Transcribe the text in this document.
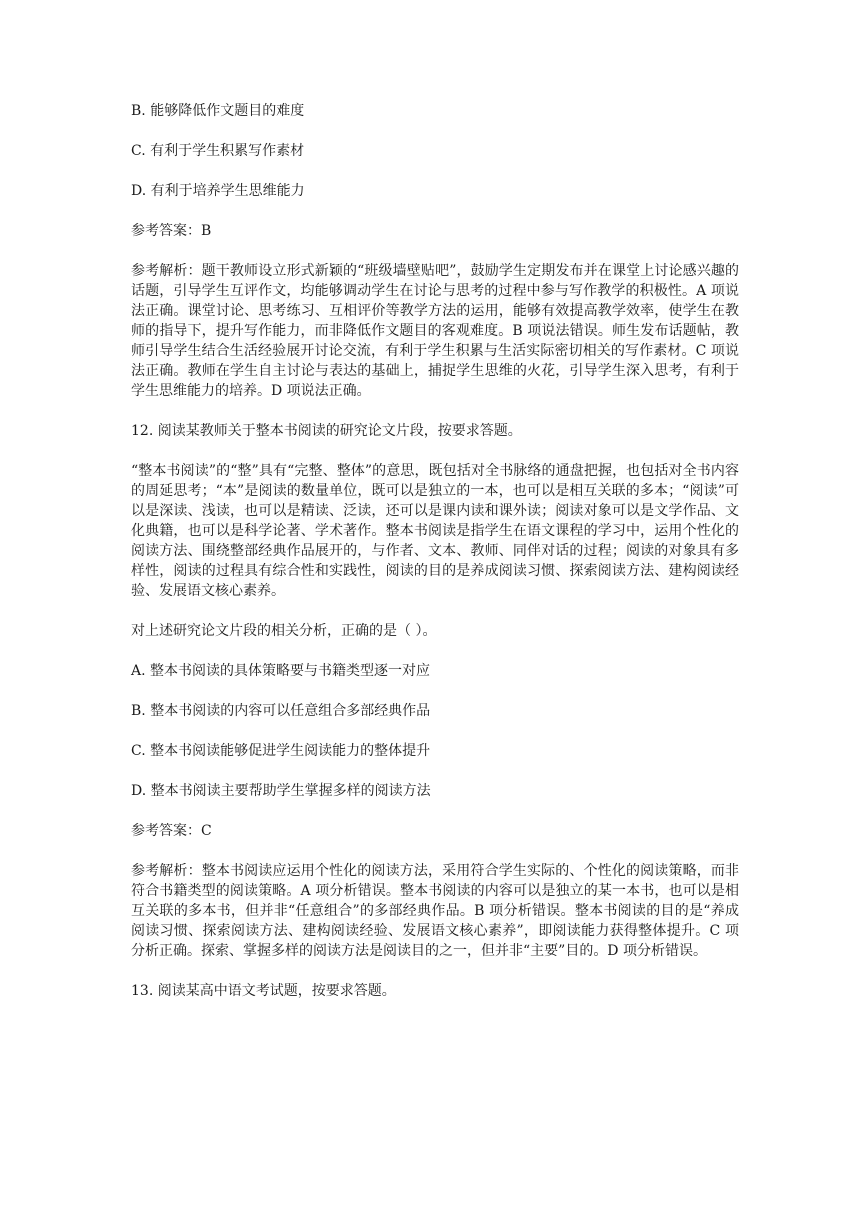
B. 能够降低作文题目的难度

C. 有利于学生积累写作素材

D. 有利于培养学生思维能力

参考答案：B

参考解析：题干教师设立形式新颖的“班级墙壁贴吧”，鼓励学生定期发布并在课堂上讨论感兴趣的话题，引导学生互评作文，均能够调动学生在讨论与思考的过程中参与写作教学的积极性。A 项说法正确。课堂讨论、思考练习、互相评价等教学方法的运用，能够有效提高教学效率，使学生在教师的指导下，提升写作能力，而非降低作文题目的客观难度。B 项说法错误。师生发布话题帖，教师引导学生结合生活经验展开讨论交流，有利于学生积累与生活实际密切相关的写作素材。C 项说法正确。教师在学生自主讨论与表达的基础上，捕捉学生思维的火花，引导学生深入思考，有利于学生思维能力的培养。D 项说法正确。

12. 阅读某教师关于整本书阅读的研究论文片段，按要求答题。

“整本书阅读”的“整”具有“完整、整体”的意思，既包括对全书脉络的通盘把握，也包括对全书内容的周延思考；“本”是阅读的数量单位，既可以是独立的一本，也可以是相互关联的多本；“阅读”可以是深读、浅读，也可以是精读、泛读，还可以是课内读和课外读；阅读对象可以是文学作品、文化典籍，也可以是科学论著、学术著作。整本书阅读是指学生在语文课程的学习中，运用个性化的阅读方法、围绕整部经典作品展开的，与作者、文本、教师、同伴对话的过程；阅读的对象具有多样性，阅读的过程具有综合性和实践性，阅读的目的是养成阅读习惯、探索阅读方法、建构阅读经验、发展语文核心素养。

对上述研究论文片段的相关分析，正确的是（ ）。

A. 整本书阅读的具体策略要与书籍类型逐一对应

B. 整本书阅读的内容可以任意组合多部经典作品

C. 整本书阅读能够促进学生阅读能力的整体提升

D. 整本书阅读主要帮助学生掌握多样的阅读方法

参考答案：C

参考解析：整本书阅读应运用个性化的阅读方法，采用符合学生实际的、个性化的阅读策略，而非符合书籍类型的阅读策略。A 项分析错误。整本书阅读的内容可以是独立的某一本书，也可以是相互关联的多本书，但并非“任意组合”的多部经典作品。B 项分析错误。整本书阅读的目的是“养成阅读习惯、探索阅读方法、建构阅读经验、发展语文核心素养”，即阅读能力获得整体提升。C 项分析正确。探索、掌握多样的阅读方法是阅读目的之一，但并非“主要”目的。D 项分析错误。

13. 阅读某高中语文考试题，按要求答题。
